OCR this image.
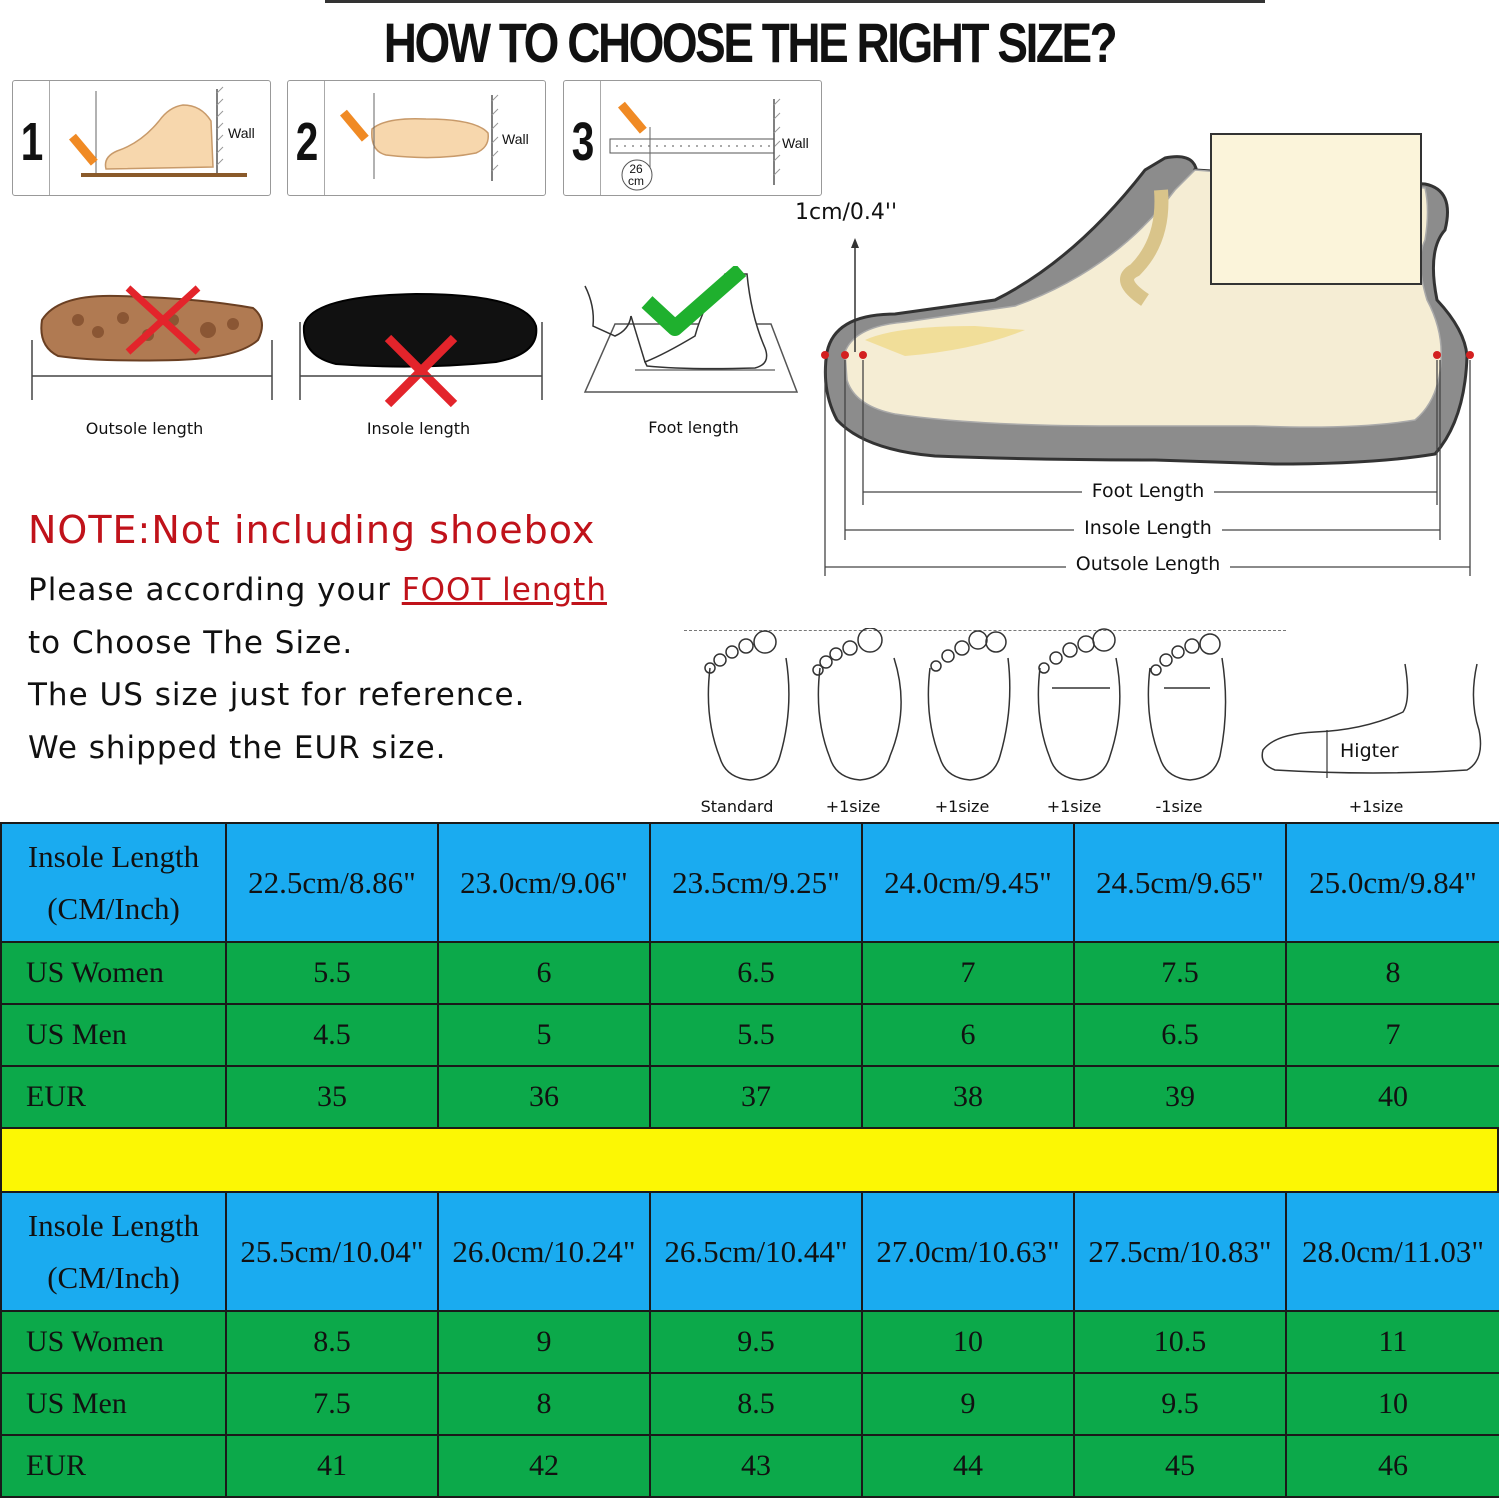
HOW TO CHOOSE THE RIGHT SIZE?
1	Wall 2	Wall 3	Wall
26
cm
Outsole length	Insole length	Foot length
1cm/0.4''
Foot Length
Insole Length
Outsole Length
NOTE:Not including shoebox
Please according your FOOT length
to Choose The Size.
The US size just for reference.
We shipped the EUR size.
Standard	+1size	+1size	+1size	-1size
Higter
+1size
Insole Length
(CM/Inch)	22.5cm/8.86"	23.0cm/9.06"	23.5cm/9.25"	24.0cm/9.45"	24.5cm/9.65"	25.0cm/9.84"
US Women	5.5	6	6.5	7	7.5	8
US Men	4.5	5	5.5	6	6.5	7
EUR	35	36	37	38	39	40
Insole Length
(CM/Inch)	25.5cm/10.04"	26.0cm/10.24"	26.5cm/10.44"	27.0cm/10.63"	27.5cm/10.83"	28.0cm/11.03"
US Women	8.5	9	9.5	10	10.5	11
US Men	7.5	8	8.5	9	9.5	10
EUR	41	42	43	44	45	46
